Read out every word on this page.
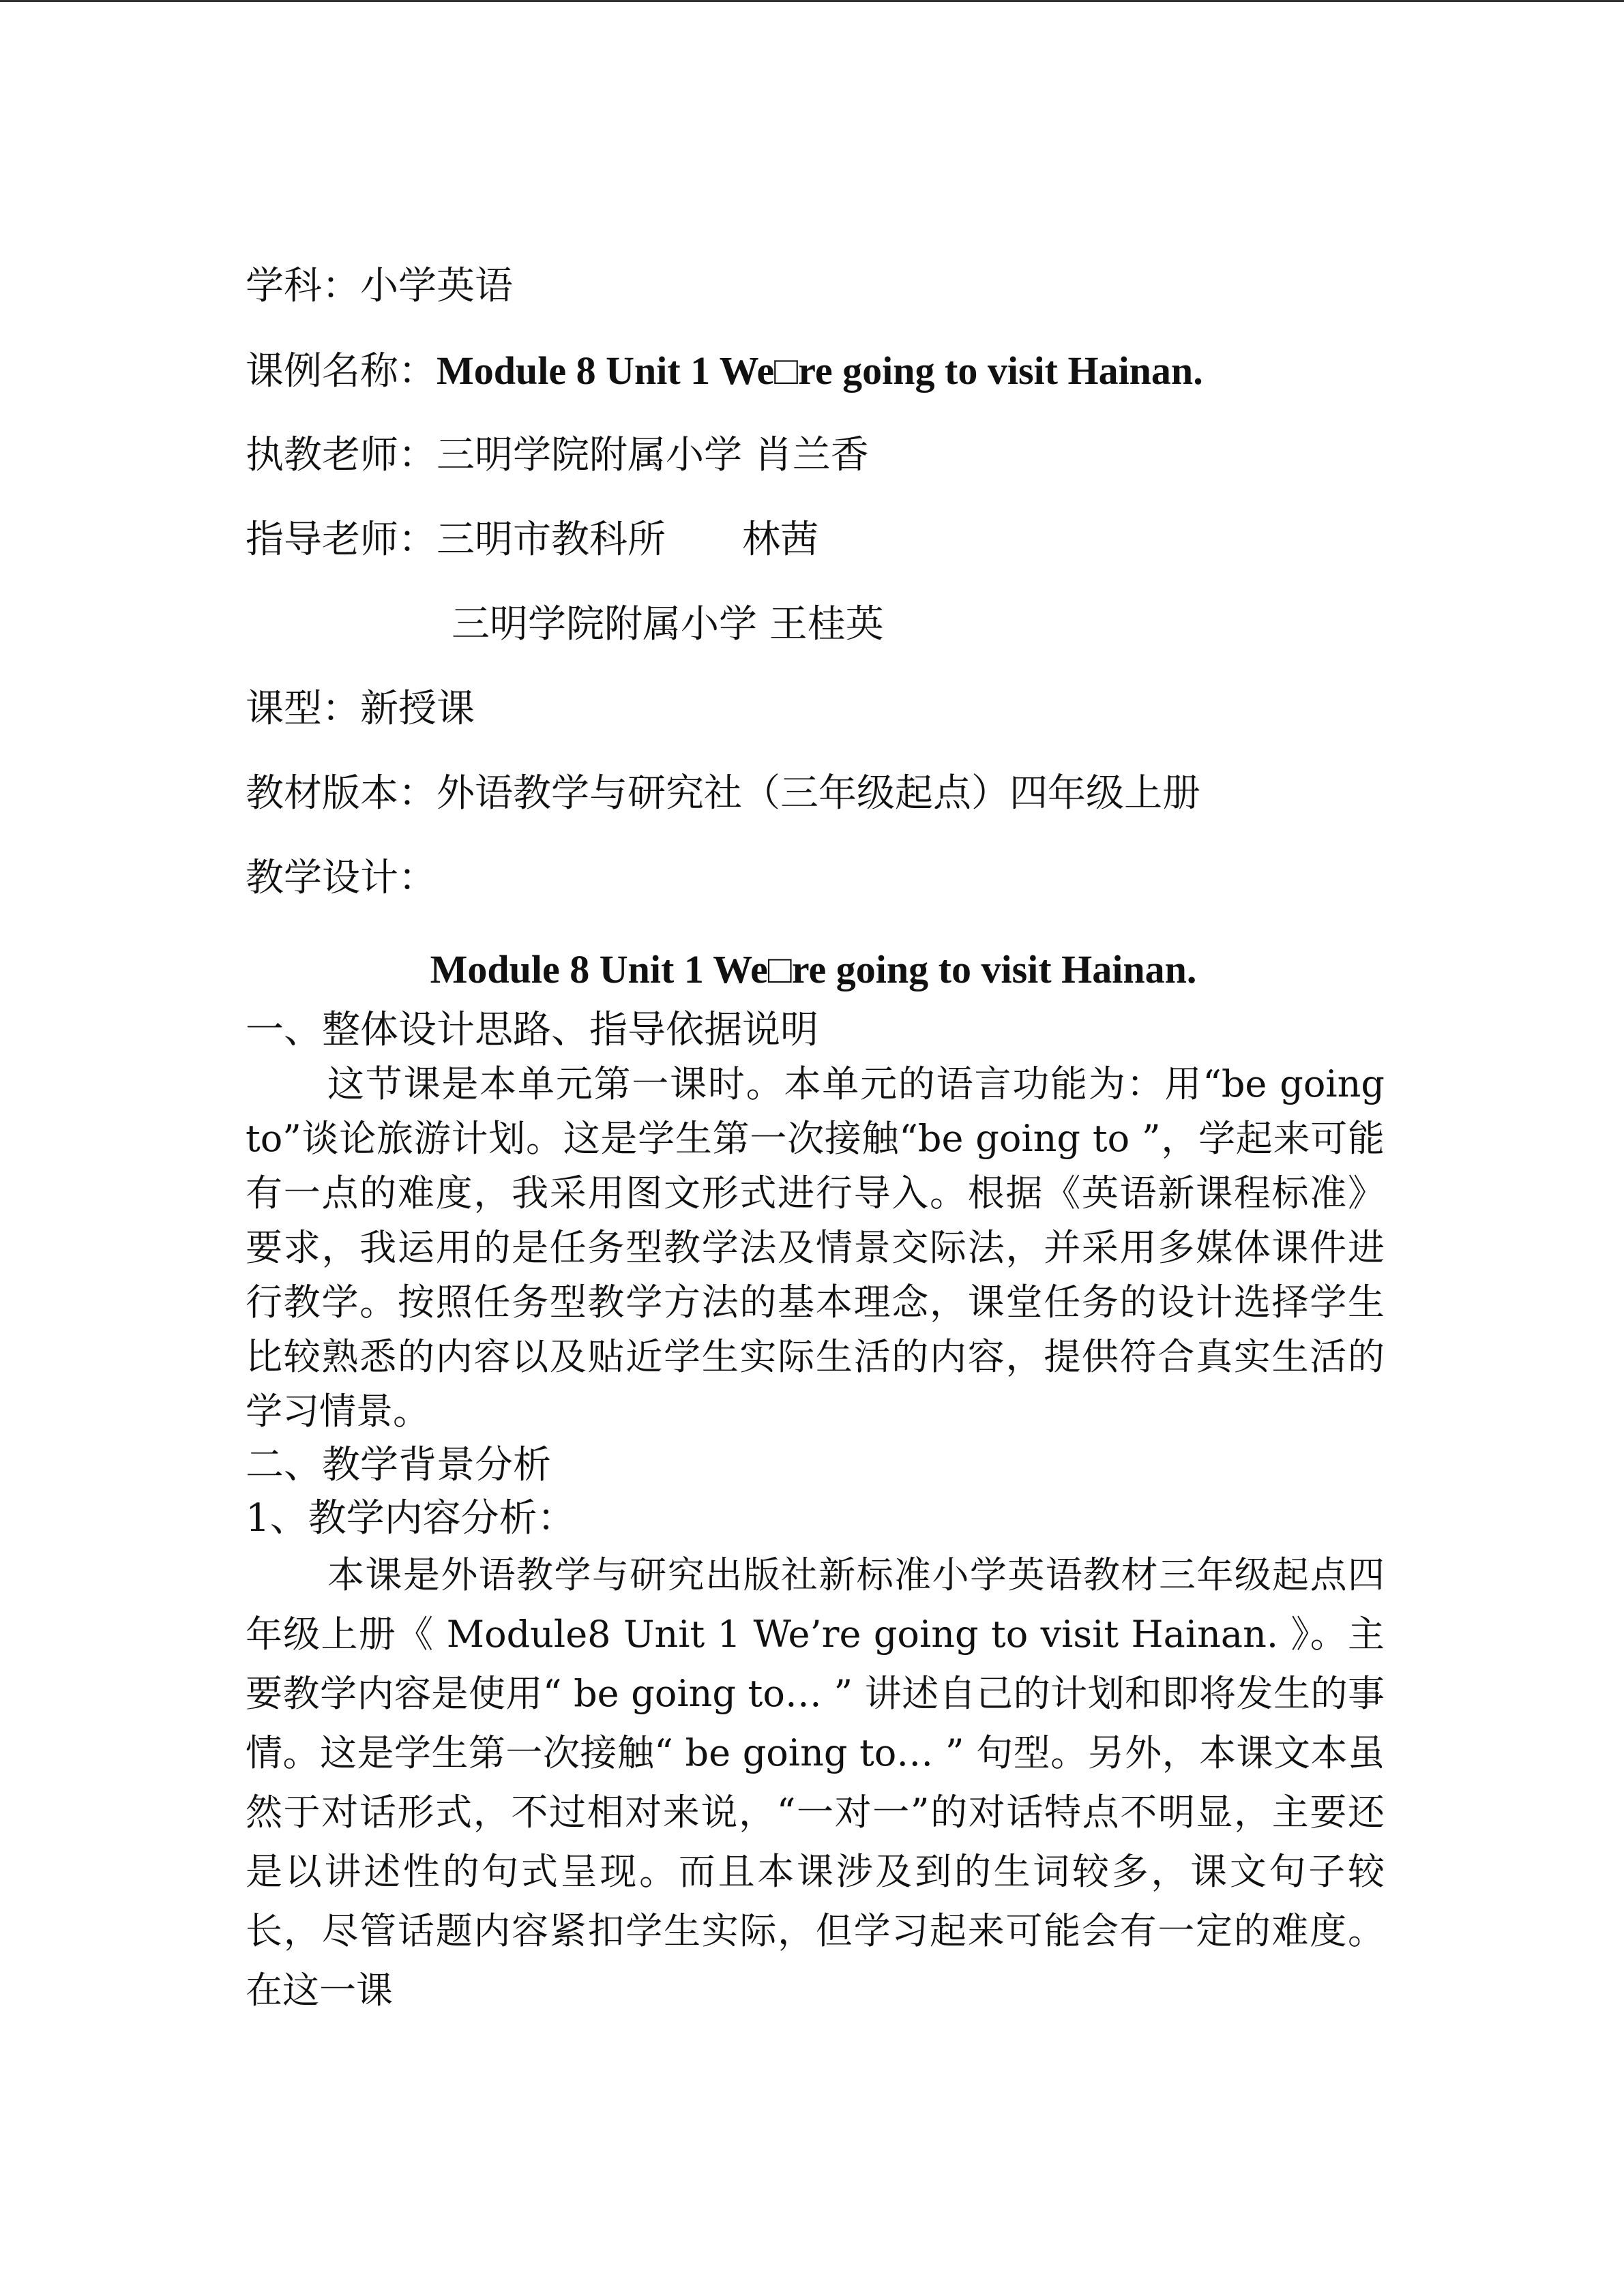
学科：小学英语
课例名称：Module 8 Unit 1 We□re going to visit Hainan.
执教老师：三明学院附属小学 肖兰香
指导老师：三明市教科所　　林茜
三明学院附属小学 王桂英
课型：新授课
教材版本：外语教学与研究社（三年级起点）四年级上册
教学设计：
Module 8 Unit 1 We□re going to visit Hainan.
一、整体设计思路、指导依据说明

这节课是本单元第一课时。本单元的语言功能为：用“be going to”谈论旅游计划。这是学生第一次接触“be going to ”，学起来可能有一点的难度，我采用图文形式进行导入。根据《英语新课程标准》要求，我运用的是任务型教学法及情景交际法，并采用多媒体课件进行教学。按照任务型教学方法的基本理念，课堂任务的设计选择学生比较熟悉的内容以及贴近学生实际生活的内容，提供符合真实生活的学习情景。

二、教学背景分析
1、教学内容分析：

本课是外语教学与研究出版社新标准小学英语教材三年级起点四年级上册《 Module8 Unit 1 We’re going to visit Hainan. 》。主要教学内容是使用“ be going to… ” 讲述自己的计划和即将发生的事情。这是学生第一次接触“ be going to… ” 句型。另外，本课文本虽然于对话形式，不过相对来说，“一对一”的对话特点不明显，主要还是以讲述性的句式呈现。而且本课涉及到的生词较多，课文句子较长，尽管话题内容紧扣学生实际，但学习起来可能会有一定的难度。在这一课
